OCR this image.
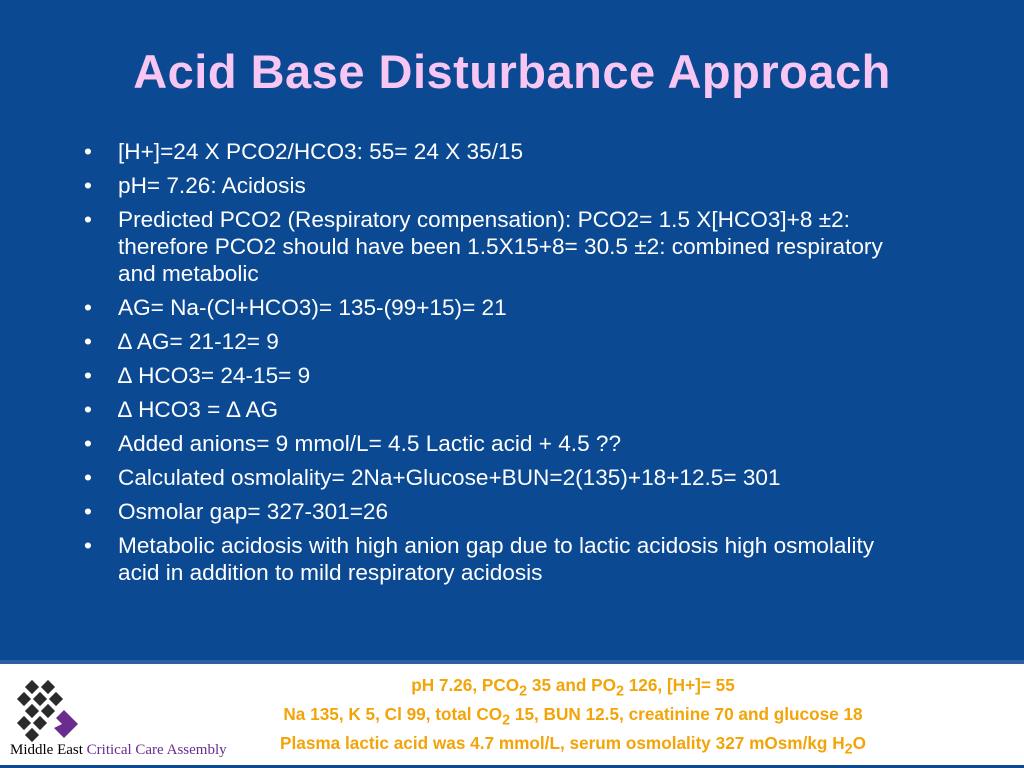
Acid Base Disturbance Approach
• [H+]=24 X PCO2/HCO3: 55= 24 X 35/15
• pH= 7.26: Acidosis
• Predicted PCO2 (Respiratory compensation): PCO2= 1.5 X[HCO3]+8 ±2: therefore PCO2 should have been 1.5X15+8= 30.5 ±2: combined respiratory and metabolic
• AG= Na-(Cl+HCO3)= 135-(99+15)= 21
• ∆ AG= 21-12= 9
• ∆ HCO3= 24-15= 9
• ∆ HCO3 = ∆ AG
• Added anions= 9 mmol/L= 4.5 Lactic acid + 4.5 ??
• Calculated osmolality= 2Na+Glucose+BUN=2(135)+18+12.5= 301
• Osmolar gap= 327-301=26
• Metabolic acidosis with high anion gap due to lactic acidosis high osmolality acid in addition to mild respiratory acidosis
Middle East Critical Care Assembly
pH 7.26, $PCO_2$ 35 and $PO_2$ 126, [H+]= 55
Na 135, K 5, Cl 99, total $CO_2$ 15, BUN 12.5, creatinine 70 and glucose 18
Plasma lactic acid was 4.7 mmol/L, serum osmolality 327 mOsm/kg $H_2O$
